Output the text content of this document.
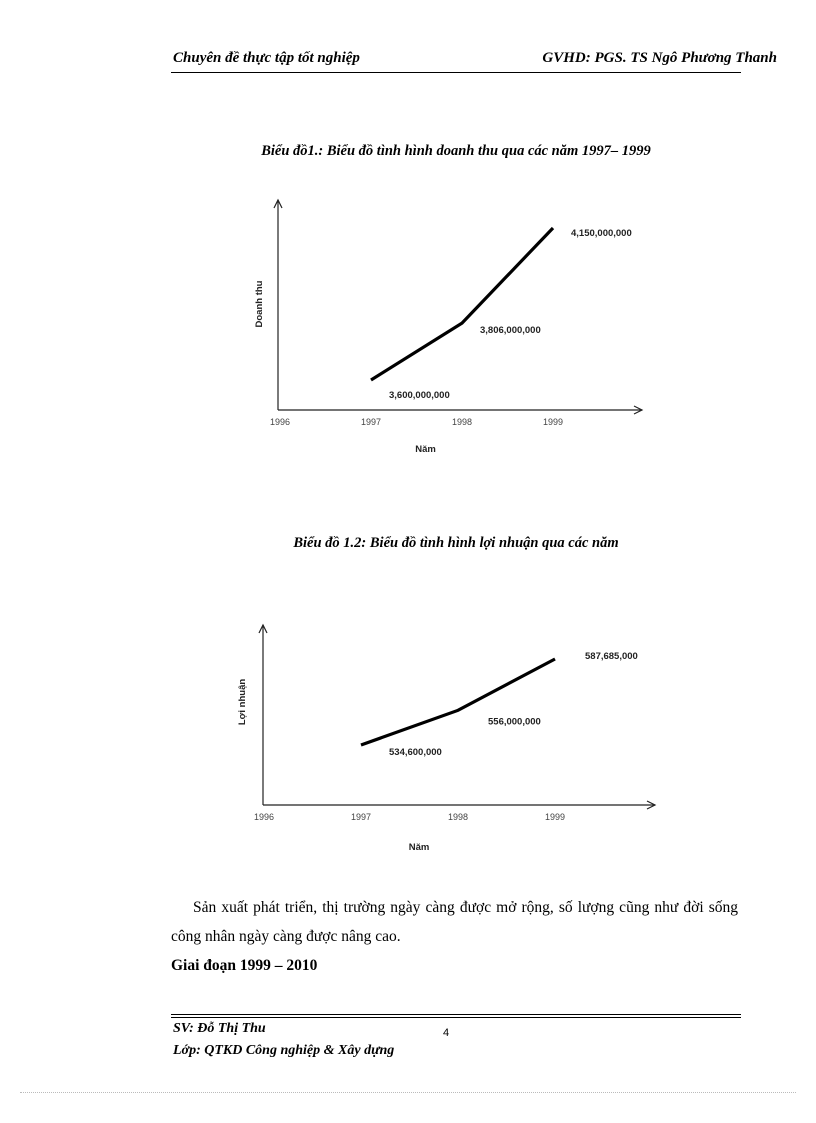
Chuyên đề thực tập tốt nghiệp	GVHD: PGS. TS Ngô Phương Thanh
Biểu đồ1.: Biểu đồ tình hình doanh thu qua các năm 1997– 1999
1996	1997	1998	1999
3,600,000,000
3,806,000,000
4,150,000,000
Năm
Doanh thu
Biểu đồ 1.2: Biểu đồ tình hình lợi nhuận qua các năm
1996	1997	1998	1999
534,600,000
556,000,000
587,685,000
Năm
Lợi nhuận
Sản xuất phát triển, thị trường ngày càng được mở rộng, số lượng cũng như đời sống công nhân ngày càng được nâng cao.
Giai đoạn 1999 – 2010
SV: Đỗ Thị Thu	4
Lớp: QTKD Công nghiệp & Xây dựng
